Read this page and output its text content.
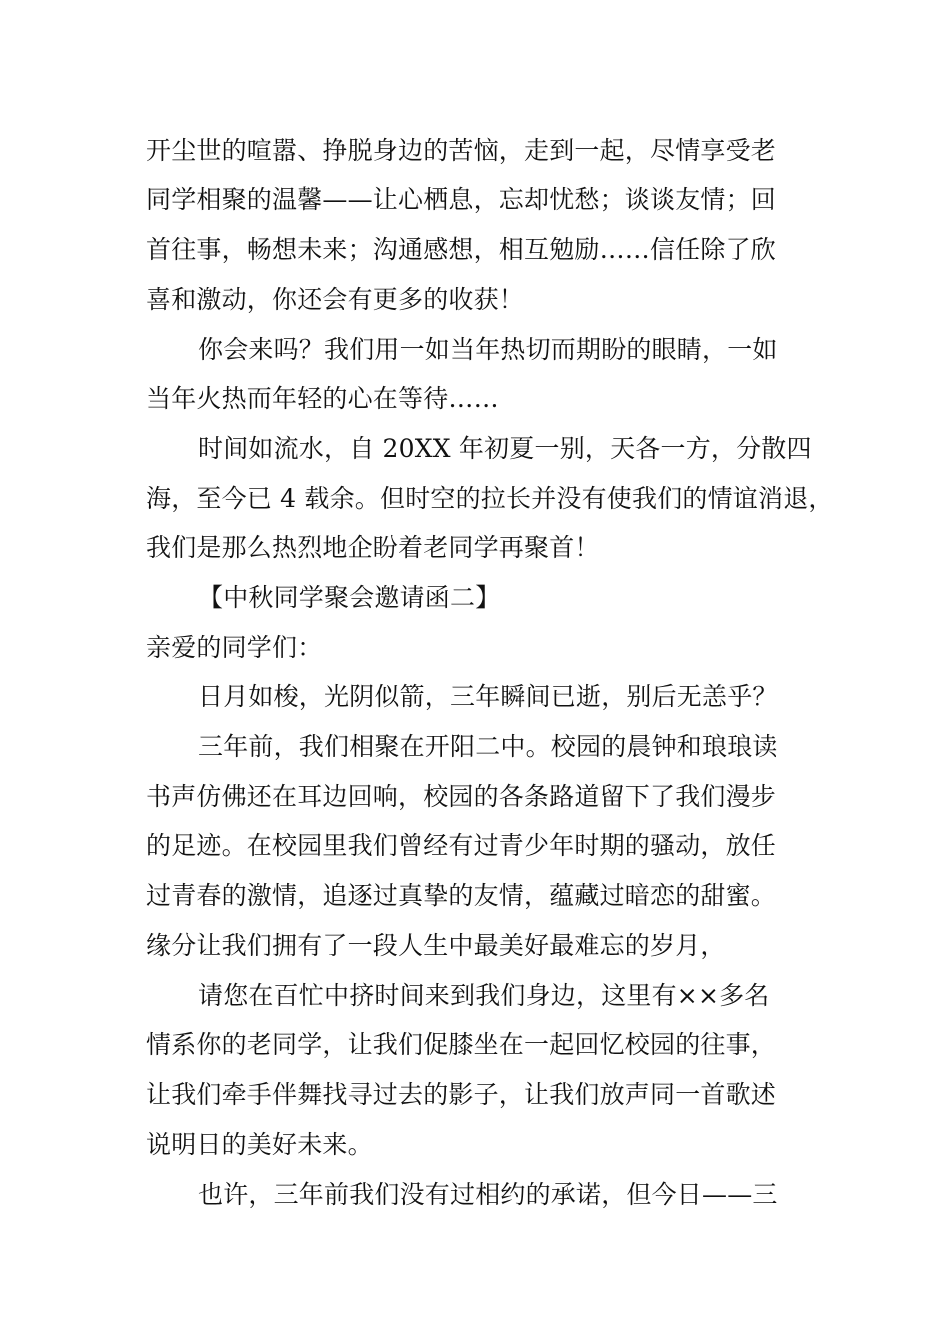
开尘世的喧嚣、挣脱身边的苦恼，走到一起，尽情享受老
同学相聚的温馨——让心栖息，忘却忧愁；谈谈友情；回
首往事，畅想未来；沟通感想，相互勉励……信任除了欣
喜和激动，你还会有更多的收获！
你会来吗？我们用一如当年热切而期盼的眼睛，一如
当年火热而年轻的心在等待……
时间如流水，自 20XX 年初夏一别，天各一方，分散四
海，至今已 4 载余。但时空的拉长并没有使我们的情谊消退，
我们是那么热烈地企盼着老同学再聚首！
【中秋同学聚会邀请函二】
亲爱的同学们：
日月如梭，光阴似箭，三年瞬间已逝，别后无恙乎？
三年前，我们相聚在开阳二中。校园的晨钟和琅琅读
书声仿佛还在耳边回响，校园的各条路道留下了我们漫步
的足迹。在校园里我们曾经有过青少年时期的骚动，放任
过青春的激情，追逐过真挚的友情，蕴藏过暗恋的甜蜜。
缘分让我们拥有了一段人生中最美好最难忘的岁月，
请您在百忙中挤时间来到我们身边，这里有××多名
情系你的老同学，让我们促膝坐在一起回忆校园的往事，
让我们牵手伴舞找寻过去的影子，让我们放声同一首歌述
说明日的美好未来。
也许，三年前我们没有过相约的承诺，但今日——三
